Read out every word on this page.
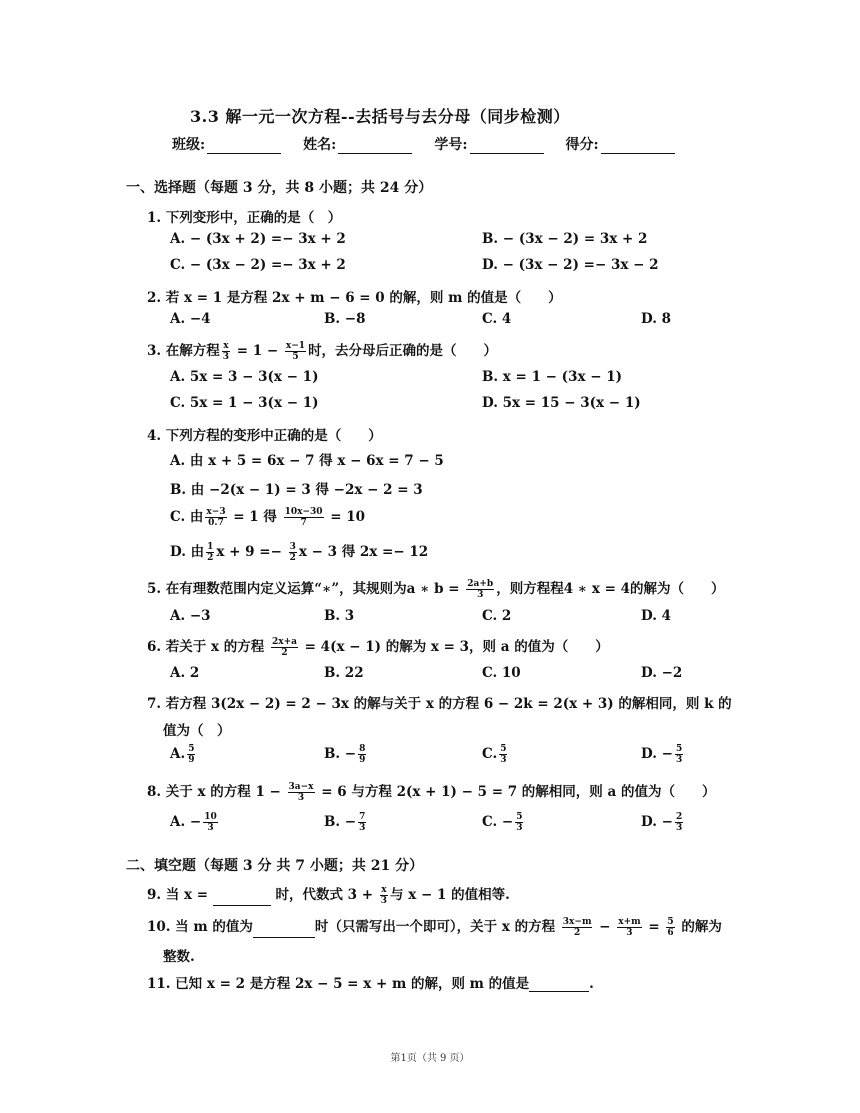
3.3 解一元一次方程--去括号与去分母（同步检测）
班级:	姓名:	学号:	得分:
一、选择题（每题 3 分，共 8 小题；共 24 分）
1. 下列变形中，正确的是（　）
A. − (3x + 2) =− 3x + 2	B. − (3x − 2) = 3x + 2
C. − (3x − 2) =− 3x + 2	D. − (3x − 2) =− 3x − 2
2. 若 x = 1 是方程 2x + m − 6 = 0 的解，则 m 的值是（　　）
A. −4	B. −8	C. 4	D. 8
3. 在解方程 $\frac{x}{3} = 1 - \frac{x-1}{5}$ 时，去分母后正确的是（　　）
A. 5x = 3 − 3(x − 1)	B. x = 1 − (3x − 1)
C. 5x = 1 − 3(x − 1)	D. 5x = 15 − 3(x − 1)
4. 下列方程的变形中正确的是（　　）
A. 由 x + 5 = 6x − 7 得 x − 6x = 7 − 5
B. 由 −2(x − 1) = 3 得 −2x − 2 = 3
C. 由 $\frac{x-3}{0.7} = 1$ 得 $\frac{10x-30}{7} = 10$
D. 由 $\frac{1}{2}$ $x + 9 =- \frac{3}{2}$ x − 3 得 2x =− 12
5. 在有理数范围内定义运算“∗”，其规则为a ∗ $b = \frac{2a+b}{3}$ ，则方程程4 ∗ x = 4的解为（　　）
A. −3	B. 3	C. 2	D. 4
6. 若关于 x 的方程 $\frac{2x+a}{2} = 4(x - 1)$ 的解为 x = 3，则 a 的值为（　　）
A. 2	B. 22	C. 10	D. −2
7. 若方程 3(2x − 2) = 2 − 3x 的解与关于 x 的方程 6 − 2k = 2(x + 3) 的解相同，则 k 的
值为（　）
A. $\frac{5}{9}$	B. − $\frac{8}{9}$	C. $\frac{5}{3}$	D. − $\frac{5}{3}$
8. 关于 x 的方程 $1 - \frac{3a-x}{3} = 6$ 与方程 2(x + 1) − 5 = 7 的解相同，则 a 的值为（　　）
A. − $\frac{10}{3}$	B. − $\frac{7}{3}$	C. − $\frac{5}{3}$	D. − $\frac{2}{3}$
二、填空题（每题 3 分 共 7 小题；共 21 分）
9. 当 x =	时，代数式 $3 + \frac{x}{3}$ 与 x − 1 的值相等.
10. 当 m 的值为	时（只需写出一个即可），关于 x 的方程 $\frac{3x-m}{2} - \frac{x+m}{3} = \frac{5}{6}$ 的解为
整数.
11. 已知 x = 2 是方程 2x − 5 = x + m 的解，则 m 的值是	.
第1页（共 9 页）
